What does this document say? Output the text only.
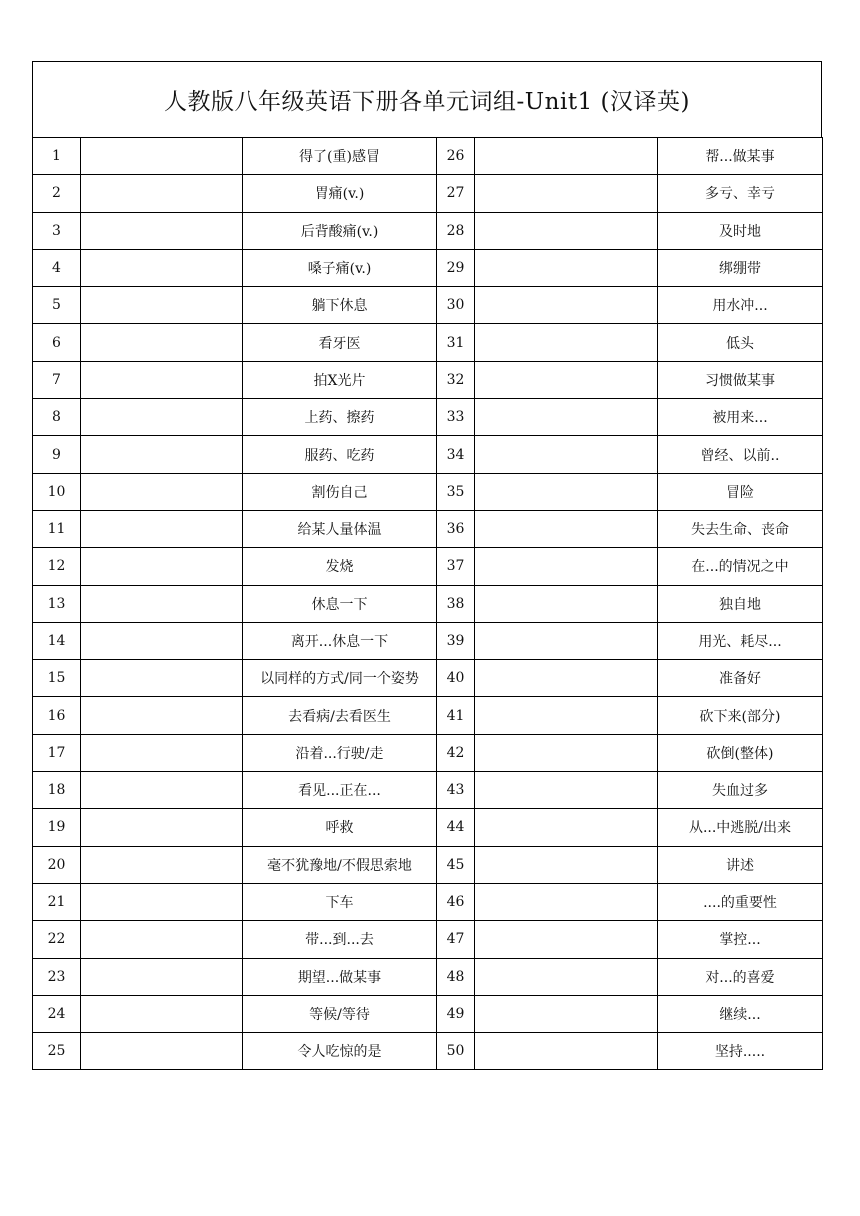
人教版八年级英语下册各单元词组-Unit1 (汉译英)
1		得了(重)感冒	26		帮...做某事
2		胃痛(v.)	27		多亏、幸亏
3		后背酸痛(v.)	28		及时地
4		嗓子痛(v.)	29		绑绷带
5		躺下休息	30		用水冲...
6		看牙医	31		低头
7		拍X光片	32		习惯做某事
8		上药、擦药	33		被用来...
9		服药、吃药	34		曾经、以前..
10		割伤自己	35		冒险
11		给某人量体温	36		失去生命、丧命
12		发烧	37		在...的情况之中
13		休息一下	38		独自地
14		离开...休息一下	39		用光、耗尽...
15		以同样的方式/同一个姿势	40		准备好
16		去看病/去看医生	41		砍下来(部分)
17		沿着...行驶/走	42		砍倒(整体)
18		看见...正在...	43		失血过多
19		呼救	44		从...中逃脱/出来
20		毫不犹豫地/不假思索地	45		讲述
21		下车	46		....的重要性
22		带...到...去	47		掌控...
23		期望...做某事	48		对...的喜爱
24		等候/等待	49		继续...
25		令人吃惊的是	50		坚持.....
